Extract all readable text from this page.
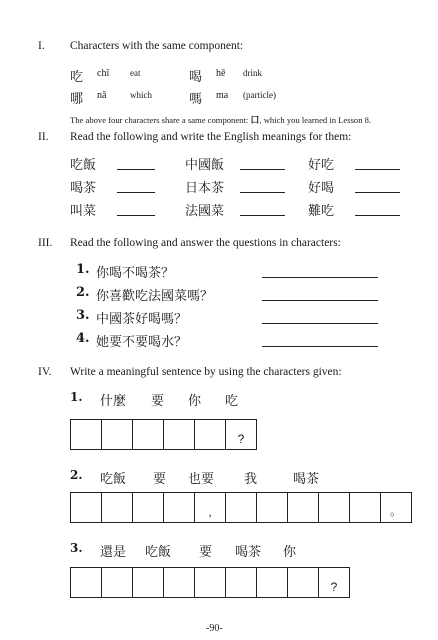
I. Characters with the same component:
吃 chī eat	喝 hē drink
哪 nǎ	which	嗎 ma (particle)
The above four characters share a same component: 口, which you learned in Lesson 8.
II. Read the following and write the English meanings for them:
III. Read the following and answer the questions in characters:
IV. Write a meaningful sentence by using the characters given:
-90-
吃飯	中國飯	好吃
喝茶	日本茶	好喝
叫菜	法國菜	難吃
1. 你喝不喝茶？
2. 你喜歡吃法國菜嗎？
3. 中國茶好喝嗎？
4. 她要不要喝水？
1. 什麼 要 你 吃
?
2. 吃飯 要 也要 我	喝茶
,	。
3. 還是 吃飯 要 喝茶 你
?
